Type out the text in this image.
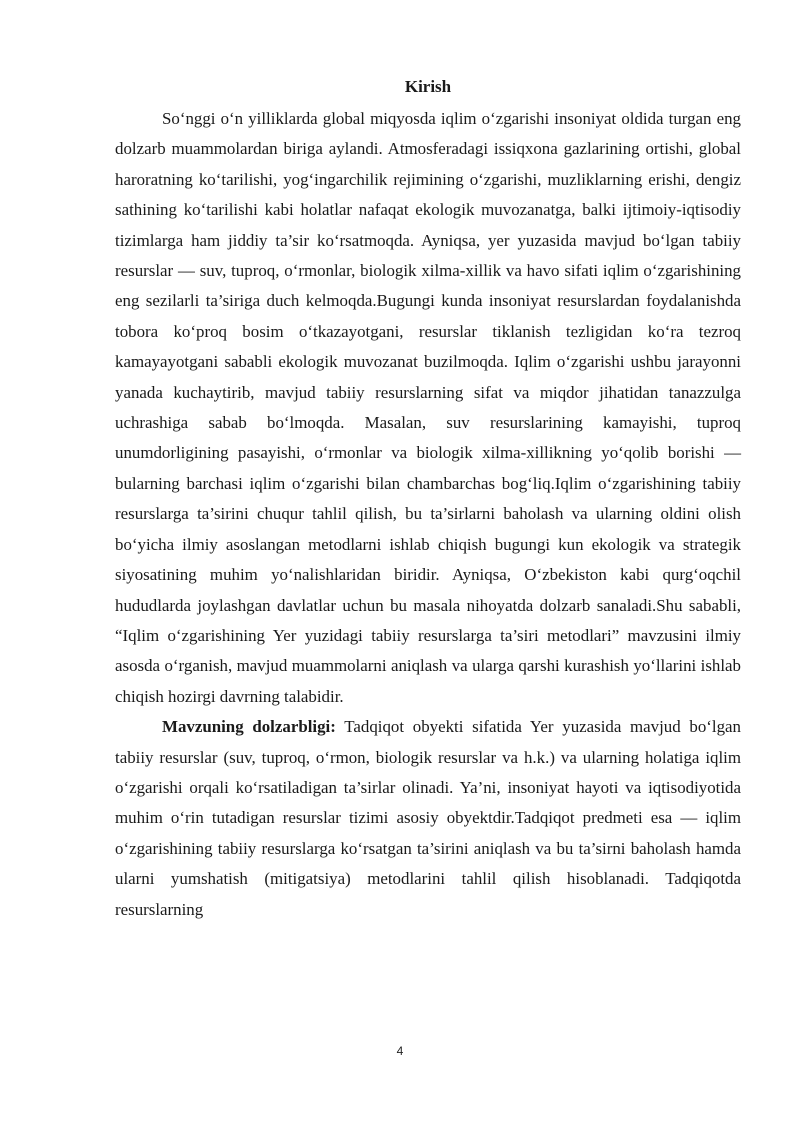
Kirish

So‘nggi o‘n yilliklarda global miqyosda iqlim o‘zgarishi insoniyat oldida turgan eng dolzarb muammolardan biriga aylandi. Atmosferadagi issiqxona gazlarining ortishi, global haroratning ko‘tarilishi, yog‘ingarchilik rejimining o‘zgarishi, muzliklarning erishi, dengiz sathining ko‘tarilishi kabi holatlar nafaqat ekologik muvozanatga, balki ijtimoiy-iqtisodiy tizimlarga ham jiddiy ta’sir ko‘rsatmoqda. Ayniqsa, yer yuzasida mavjud bo‘lgan tabiiy resurslar — suv, tuproq, o‘rmonlar, biologik xilma-xillik va havo sifati iqlim o‘zgarishining eng sezilarli ta’siriga duch kelmoqda.Bugungi kunda insoniyat resurslardan foydalanishda tobora ko‘proq bosim o‘tkazayotgani, resurslar tiklanish tezligidan ko‘ra tezroq kamayayotgani sababli ekologik muvozanat buzilmoqda. Iqlim o‘zgarishi ushbu jarayonni yanada kuchaytirib, mavjud tabiiy resurslarning sifat va miqdor jihatidan tanazzulga uchrashiga sabab bo‘lmoqda. Masalan, suv resurslarining kamayishi, tuproq unumdorligining pasayishi, o‘rmonlar va biologik xilma-xillikning yo‘qolib borishi — bularning barchasi iqlim o‘zgarishi bilan chambarchas bog‘liq.Iqlim o‘zgarishining tabiiy resurslarga ta’sirini chuqur tahlil qilish, bu ta’sirlarni baholash va ularning oldini olish bo‘yicha ilmiy asoslangan metodlarni ishlab chiqish bugungi kun ekologik va strategik siyosatining muhim yo‘nalishlaridan biridir. Ayniqsa, O‘zbekiston kabi qurg‘oqchil hududlarda joylashgan davlatlar uchun bu masala nihoyatda dolzarb sanaladi.Shu sababli, “Iqlim o‘zgarishining Yer yuzidagi tabiiy resurslarga ta’siri metodlari” mavzusini ilmiy asosda o‘rganish, mavjud muammolarni aniqlash va ularga qarshi kurashish yo‘llarini ishlab chiqish hozirgi davrning talabidir.

Mavzuning dolzarbligi: Tadqiqot obyekti sifatida Yer yuzasida mavjud bo‘lgan tabiiy resurslar (suv, tuproq, o‘rmon, biologik resurslar va h.k.) va ularning holatiga iqlim o‘zgarishi orqali ko‘rsatiladigan ta’sirlar olinadi. Ya’ni, insoniyat hayoti va iqtisodiyotida muhim o‘rin tutadigan resurslar tizimi asosiy obyektdir.Tadqiqot predmeti esa — iqlim o‘zgarishining tabiiy resurslarga ko‘rsatgan ta’sirini aniqlash va bu ta’sirni baholash hamda ularni yumshatish (mitigatsiya) metodlarini tahlil qilish hisoblanadi. Tadqiqotda resurslarning

4
